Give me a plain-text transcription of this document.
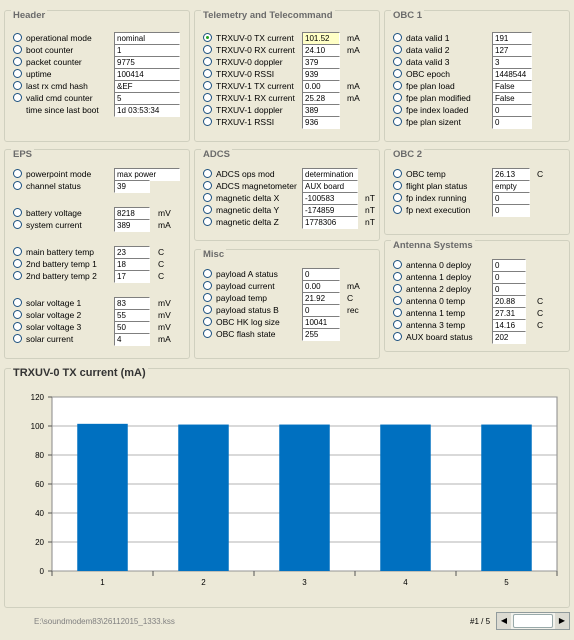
Header
operational mode	nominal
boot counter	1
packet counter	9775
uptime	100414
last rx cmd hash	&EF
valid cmd counter	5
time since last boot	1d 03:53:34
Telemetry and Telecommand
TRXUV-0 TX current	101.52	mA
TRXUV-0 RX current	24.10	mA
TRXUV-0 doppler	379
TRXUV-0 RSSI	939
TRXUV-1 TX current	0.00	mA
TRXUV-1 RX current	25.28	mA
TRXUV-1 doppler	389
TRXUV-1 RSSI	936
OBC 1
data valid 1	191
data valid 2	127
data valid 3	3
OBC epoch	1448544
fpe plan load	False
fpe plan modified	False
fpe index loaded	0
fpe plan sizent	0
EPS
powerpoint mode	max power
channel status	39
battery voltage	8218	mV
system current	389	mA
main battery temp	23	C
2nd battery temp 1	18	C
2nd battery temp 2	17	C
solar voltage 1	83	mV
solar voltage 2	55	mV
solar voltage 3	50	mV
solar current	4	mA
ADCS
ADCS ops mod	determination
ADCS magnetometer	AUX board
magnetic delta X	-100583	nT
magnetic delta Y	-174859	nT
magnetic delta Z	1778306	nT
OBC 2
OBC temp	26.13	C
flight plan status	empty
fp index running	0
fp next execution	0
Misc
payload A status	0
payload current	0.00	mA
payload temp	21.92	C
payload status B	0	rec
OBC HK log size	10041
OBC flash state	255
Antenna Systems
antenna 0 deploy	0
antenna 1 deploy	0
antenna 2 deploy	0
antenna 0 temp	20.88	C
antenna 1 temp	27.31	C
antenna 3 temp	14.16	C
AUX board status	202
TRXUV-0 TX current (mA)
0
20
40
60
80
100
120
1	2	3	4	5
E:\soundmodem83\26112015_1333.kss	#1 / 5	◀	▶
